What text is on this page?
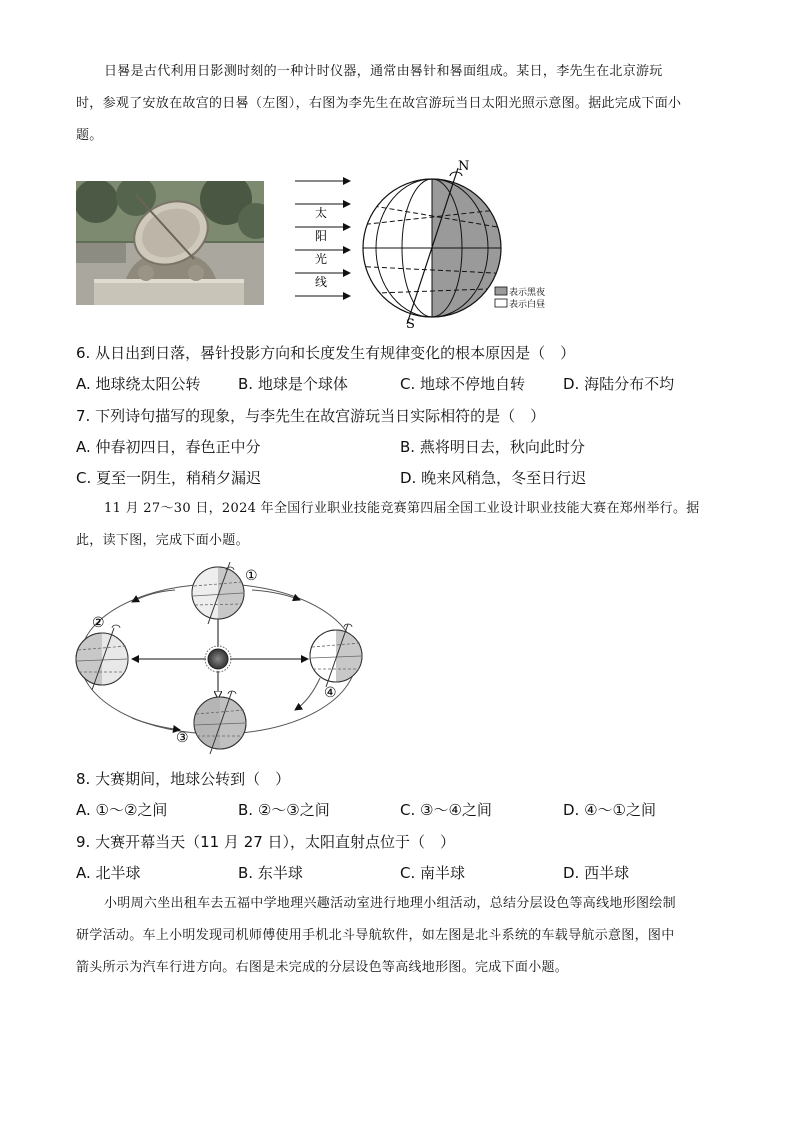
日晷是古代利用日影测时刻的一种计时仪器，通常由晷针和晷面组成。某日，李先生在北京游玩
时，参观了安放在故宫的日晷（左图），右图为李先生在故宫游玩当日太阳光照示意图。据此完成下面小
题。
太
阳
光
线
N
S
表示黑夜
表示白昼
6. 从日出到日落，晷针投影方向和长度发生有规律变化的根本原因是（　）
A. 地球绕太阳公转 B. 地球是个球体	C. 地球不停地自转	D. 海陆分布不均
7. 下列诗句描写的现象，与李先生在故宫游玩当日实际相符的是（　）
A. 仲春初四日，春色正中分	B. 燕将明日去，秋向此时分
C. 夏至一阴生，稍稍夕漏迟	D. 晚来风稍急，冬至日行迟
11 月 27～30 日，2024 年全国行业职业技能竞赛第四届全国工业设计职业技能大赛在郑州举行。据
此，读下图，完成下面小题。
①
②
③
④
8. 大赛期间，地球公转到（　）
A. ①～②之间	B. ②～③之间	C. ③～④之间	D. ④～①之间
9. 大赛开幕当天（11 月 27 日），太阳直射点位于（　）
A. 北半球	B. 东半球	C. 南半球	D. 西半球
小明周六坐出租车去五福中学地理兴趣活动室进行地理小组活动，总结分层设色等高线地形图绘制
研学活动。车上小明发现司机师傅使用手机北斗导航软件，如左图是北斗系统的车载导航示意图，图中
箭头所示为汽车行进方向。右图是未完成的分层设色等高线地形图。完成下面小题。
